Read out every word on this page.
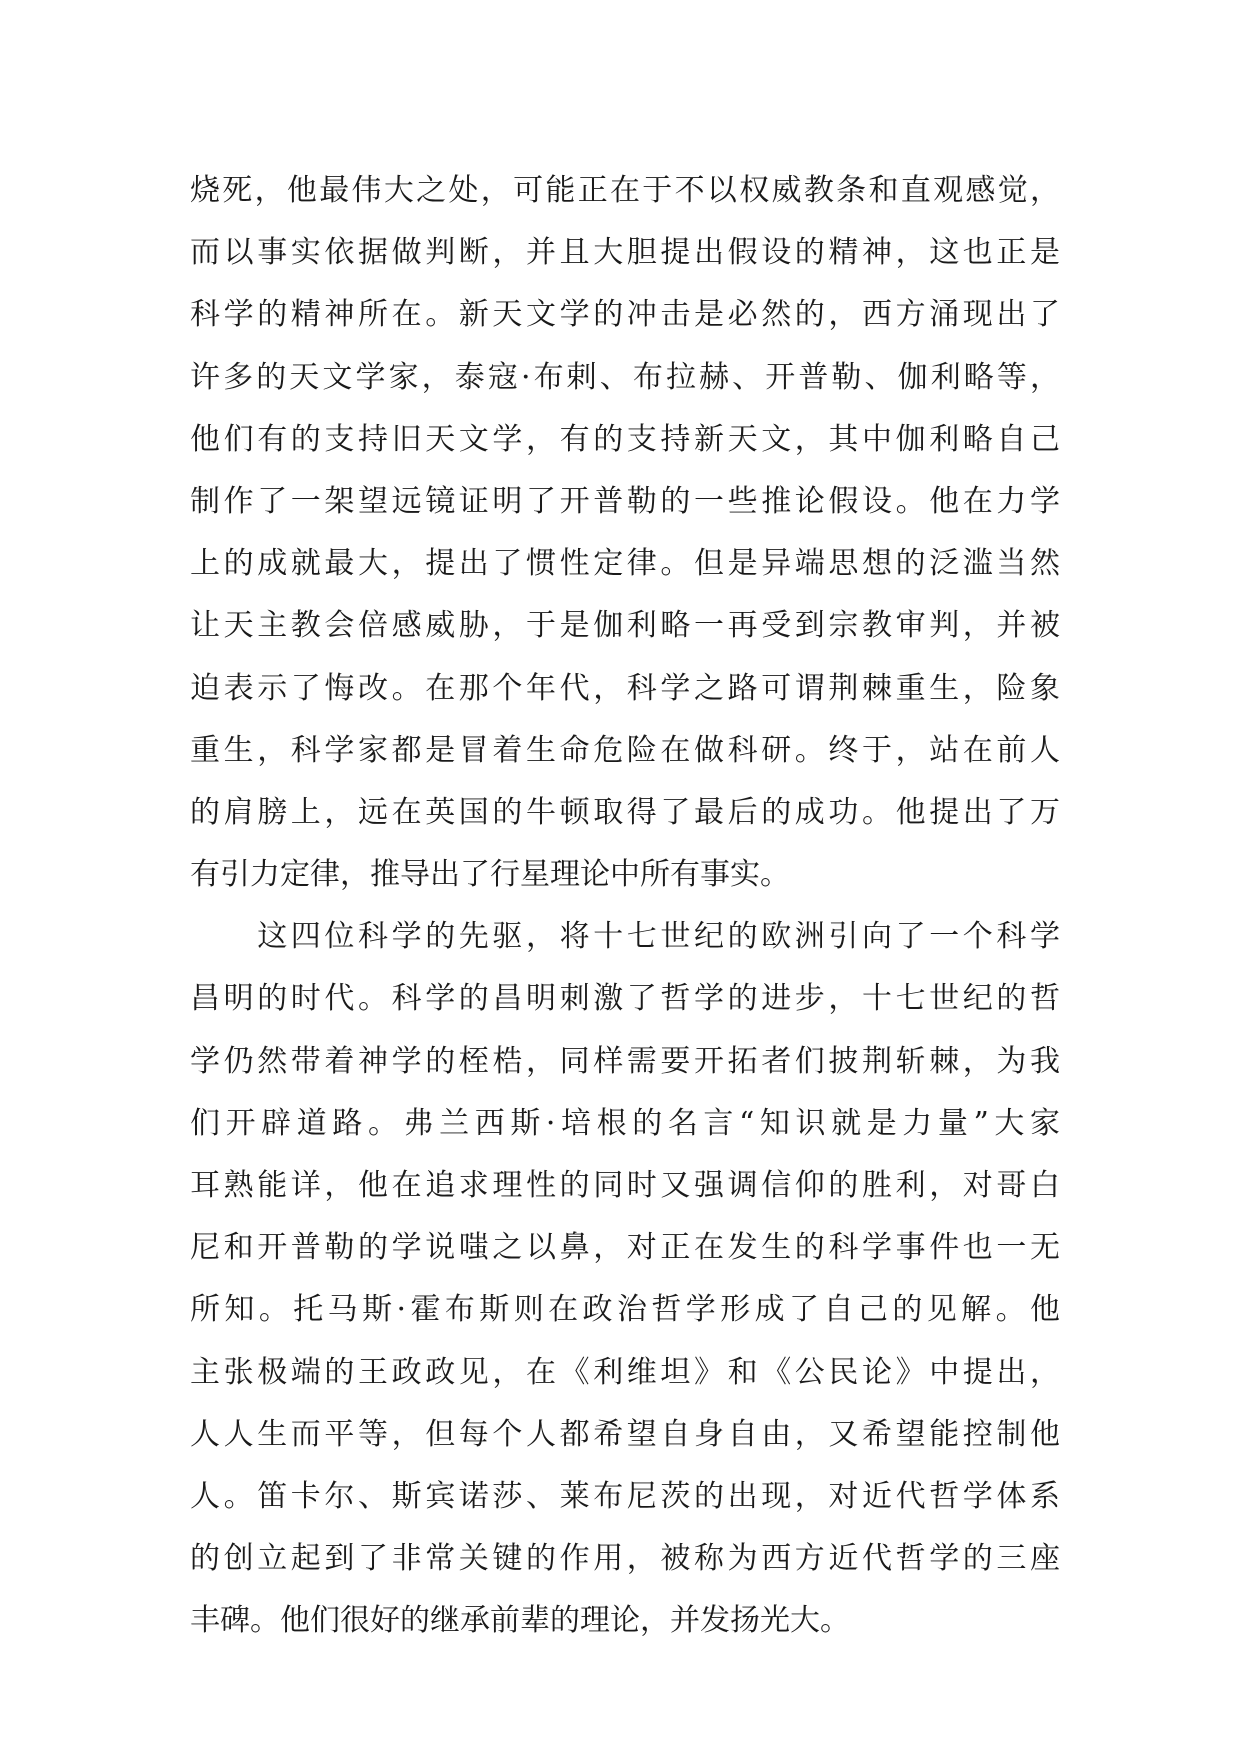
烧死，他最伟大之处，可能正在于不以权威教条和直观感觉，
而以事实依据做判断，并且大胆提出假设的精神，这也正是
科学的精神所在。新天文学的冲击是必然的，西方涌现出了
许多的天文学家，泰寇·布剌、布拉赫、开普勒、伽利略等，
他们有的支持旧天文学，有的支持新天文，其中伽利略自己
制作了一架望远镜证明了开普勒的一些推论假设。他在力学
上的成就最大，提出了惯性定律。但是异端思想的泛滥当然
让天主教会倍感威胁，于是伽利略一再受到宗教审判，并被
迫表示了悔改。在那个年代，科学之路可谓荆棘重生，险象
重生，科学家都是冒着生命危险在做科研。终于，站在前人
的肩膀上，远在英国的牛顿取得了最后的成功。他提出了万
有引力定律，推导出了行星理论中所有事实。
　　这四位科学的先驱，将十七世纪的欧洲引向了一个科学
昌明的时代。科学的昌明刺激了哲学的进步，十七世纪的哲
学仍然带着神学的桎梏，同样需要开拓者们披荆斩棘，为我
们开辟道路。弗兰西斯·培根的名言“知识就是力量”大家
耳熟能详，他在追求理性的同时又强调信仰的胜利，对哥白
尼和开普勒的学说嗤之以鼻，对正在发生的科学事件也一无
所知。托马斯·霍布斯则在政治哲学形成了自己的见解。他
主张极端的王政政见，在《利维坦》和《公民论》中提出，
人人生而平等，但每个人都希望自身自由，又希望能控制他
人。笛卡尔、斯宾诺莎、莱布尼茨的出现，对近代哲学体系
的创立起到了非常关键的作用，被称为西方近代哲学的三座
丰碑。他们很好的继承前辈的理论，并发扬光大。
